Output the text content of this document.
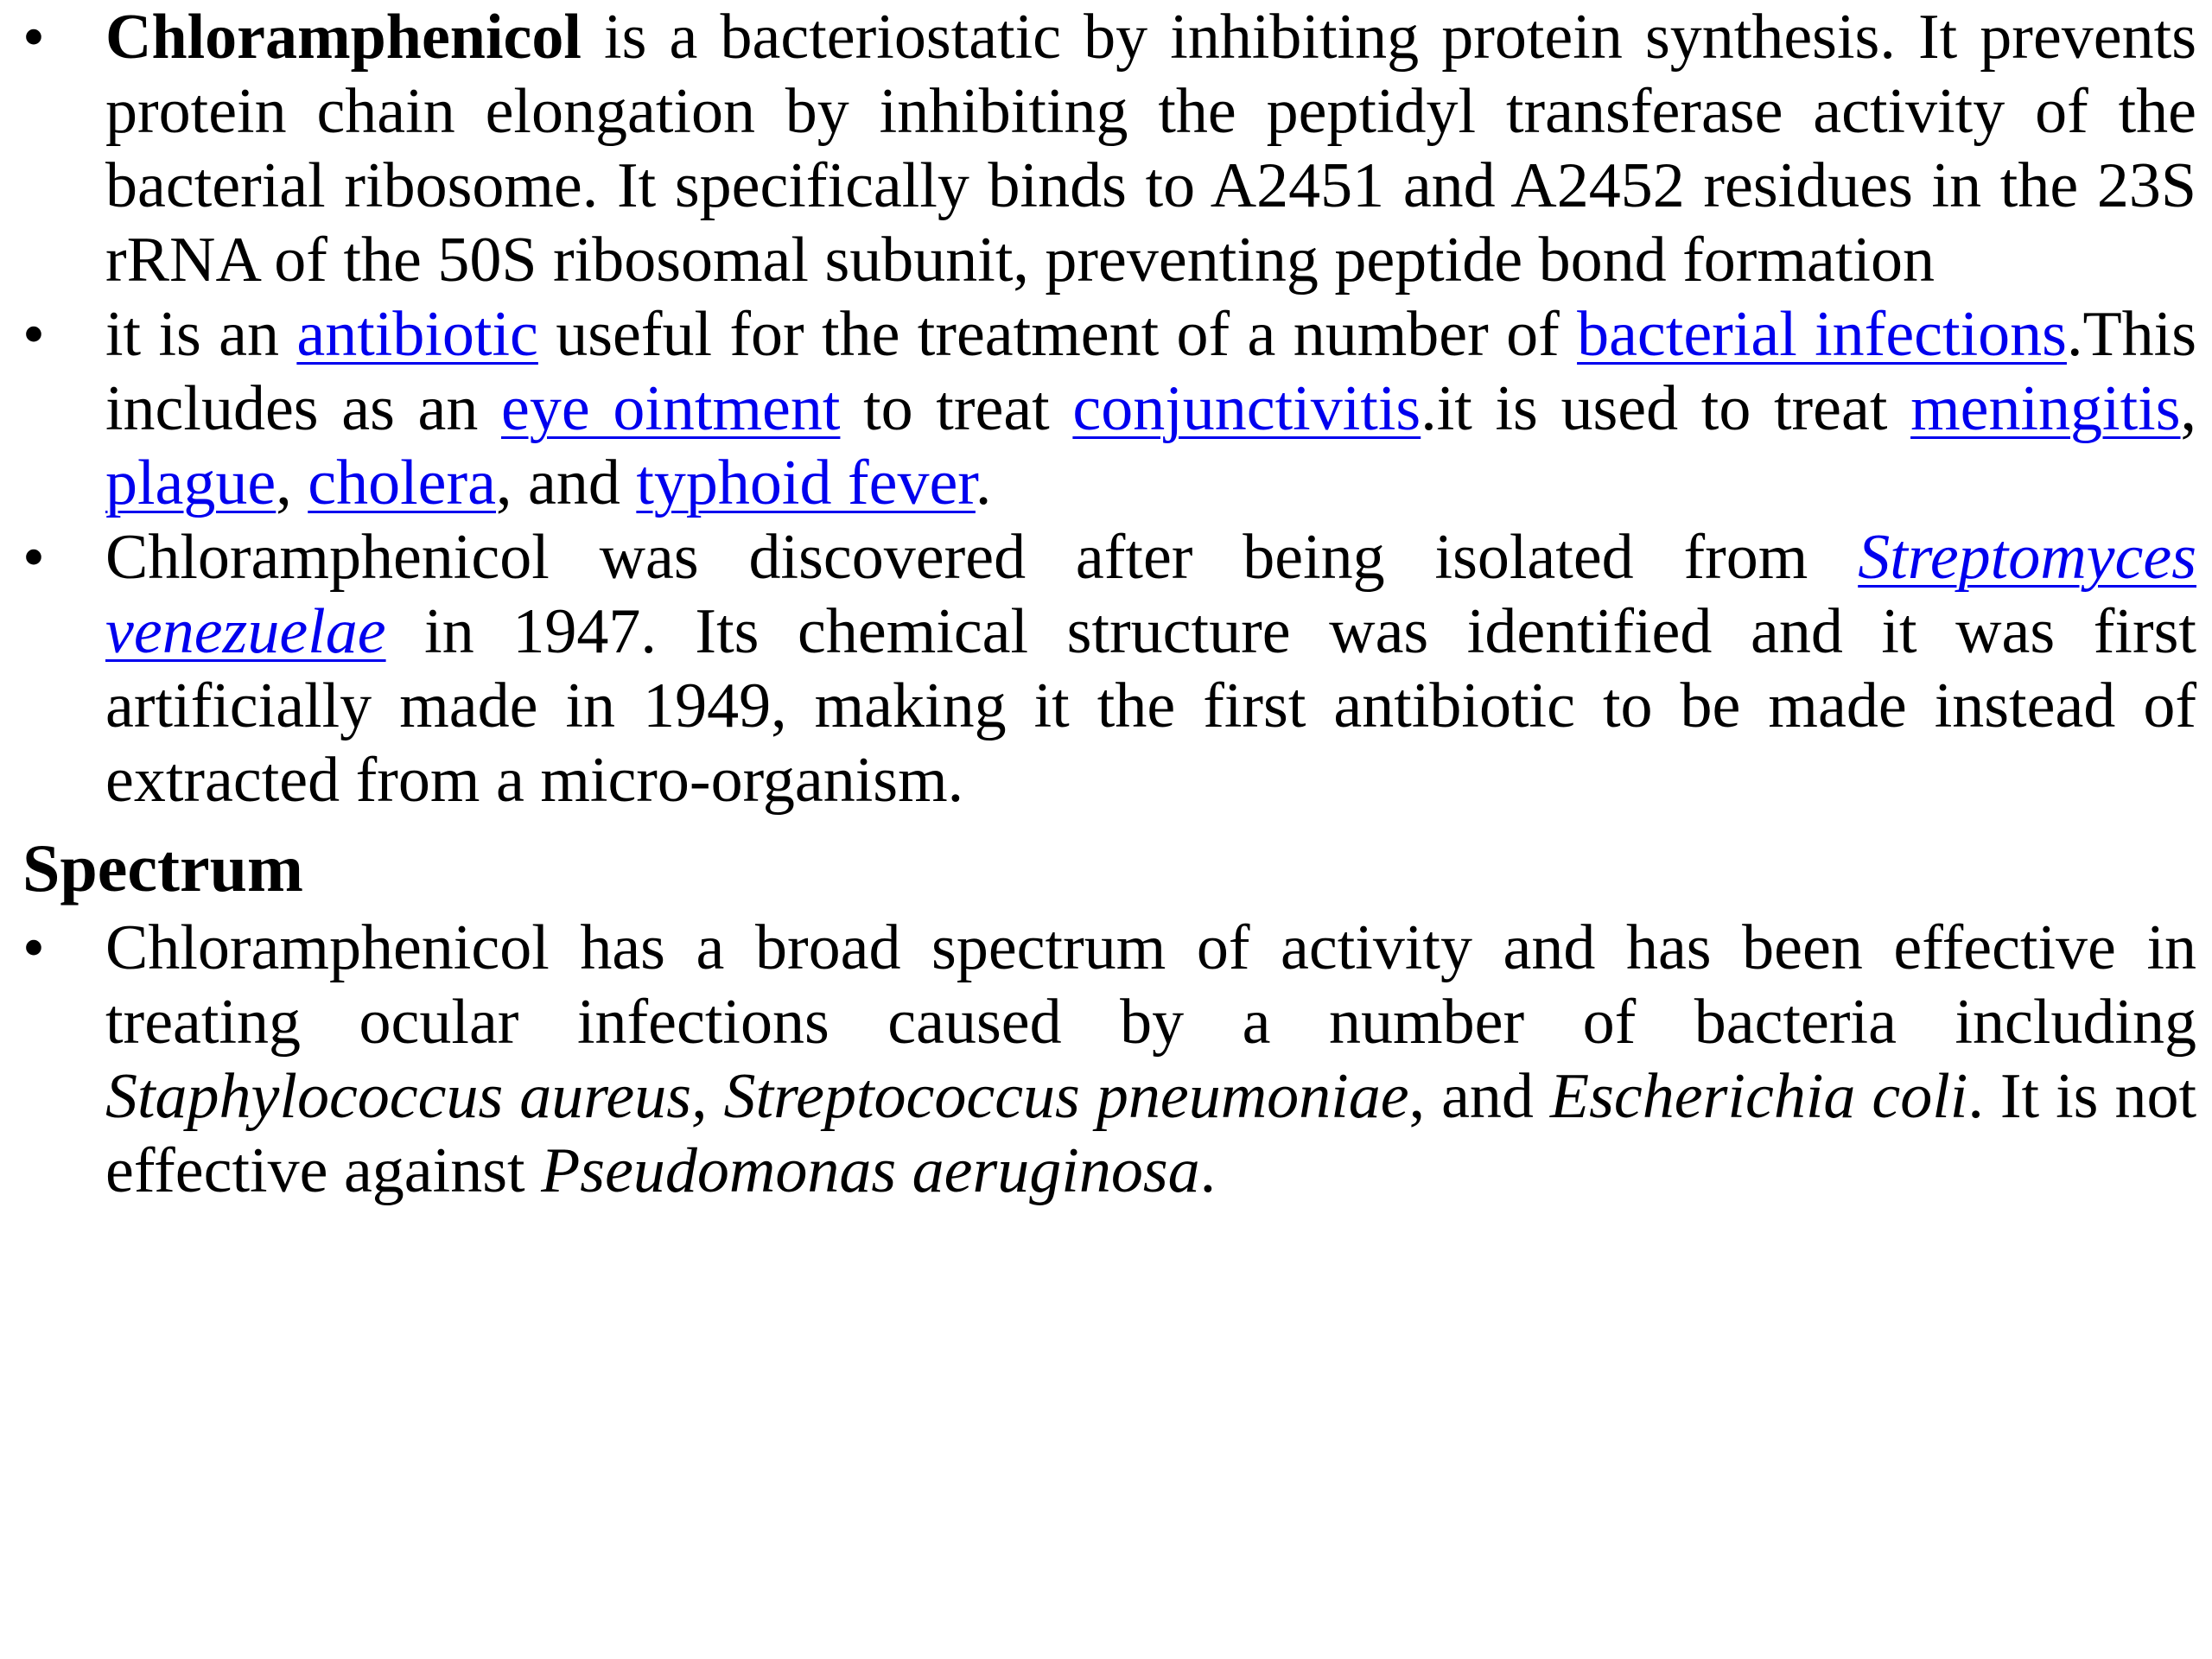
• Chloramphenicol is a bacteriostatic by inhibiting protein synthesis. It prevents protein chain elongation by inhibiting the peptidyl transferase activity of the bacterial ribosome. It specifically binds to A2451 and A2452 residues in the 23S rRNA of the 50S ribosomal subunit, preventing peptide bond formation
• it is an antibiotic useful for the treatment of a number of bacterial infections.This includes as an eye ointment to treat conjunctivitis.it is used to treat meningitis, plague, cholera, and typhoid fever.
• Chloramphenicol was discovered after being isolated from Streptomyces venezuelae in 1947. Its chemical structure was identified and it was first artificially made in 1949, making it the first antibiotic to be made instead of extracted from a micro-organism.
Spectrum
• Chloramphenicol has a broad spectrum of activity and has been effective in treating ocular infections caused by a number of bacteria including Staphylococcus aureus, Streptococcus pneumoniae, and Escherichia coli. It is not effective against Pseudomonas aeruginosa.
